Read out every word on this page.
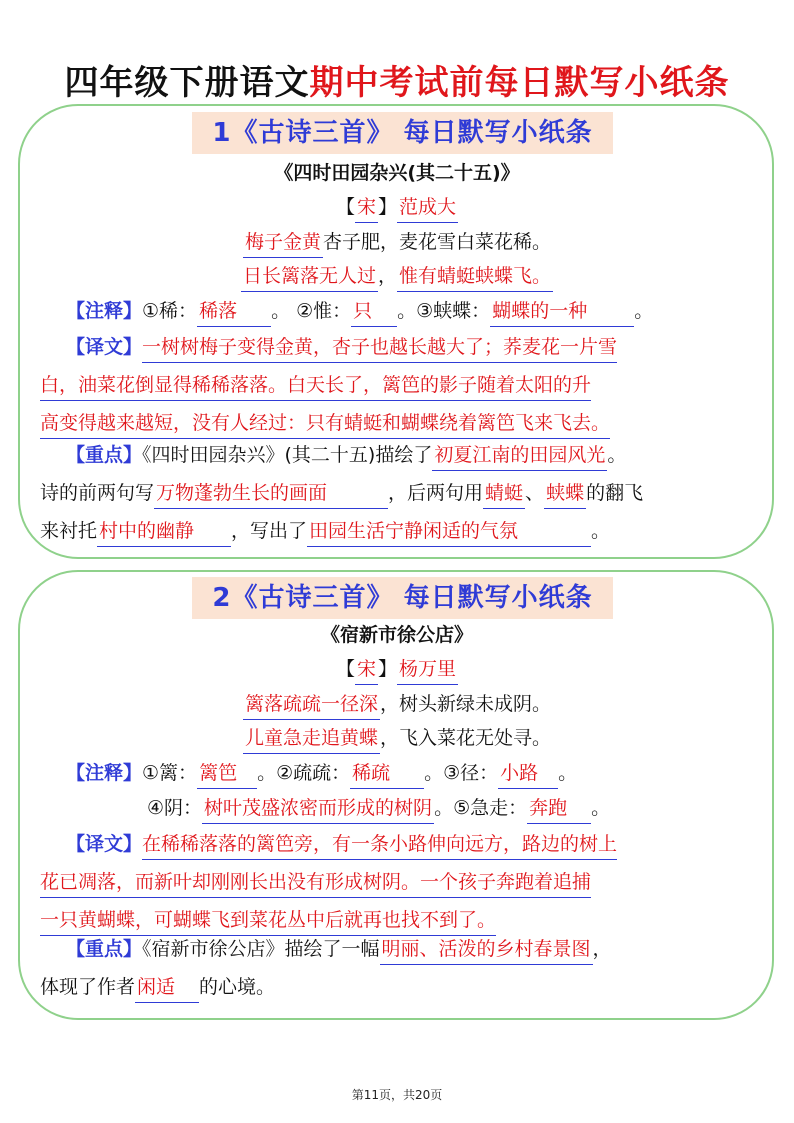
四年级下册语文期中考试前每日默写小纸条
1《古诗三首》 每日默写小纸条
《四时田园杂兴(其二十五)》
【 宋 】 范成大
梅子金黄 杏子肥，麦花雪白菜花稀。
日长篱落无人过 ， 惟有蜻蜓蛱蝶飞。
【注释】①稀： 稀落 。 ②惟： 只 。③蛱蝶： 蝴蝶的一种 。
【译文】一树树梅子变得金黄，杏子也越长越大了；荞麦花一片雪
白，油菜花倒显得稀稀落落。白天长了，篱笆的影子随着太阳的升
高变得越来越短，没有人经过：只有蜻蜓和蝴蝶绕着篱笆飞来飞去。
【重点】《四时田园杂兴》(其二十五)描绘了 初夏江南的田园风光 。
诗的前两句写 万物蓬勃生长的画面	，后两句用 蜻蜓 、 蛱蝶 的翻飞
来衬托 村中的幽静 ，写出了 田园生活宁静闲适的气氛	。
2《古诗三首》 每日默写小纸条
《宿新市徐公店》
【 宋 】 杨万里
篱落疏疏一径深 ，树头新绿未成阴。
儿童急走追黄蝶 ，飞入菜花无处寻。
【注释】①篱： 篱笆 。②疏疏： 稀疏 。③径： 小路 。
④阴： 树叶茂盛浓密而形成的树阴 。⑤急走： 奔跑 。
【译文】在稀稀落落的篱笆旁，有一条小路伸向远方，路边的树上
花已凋落，而新叶却刚刚长出没有形成树阴。一个孩子奔跑着追捕
一只黄蝴蝶，可蝴蝶飞到菜花丛中后就再也找不到了。
【重点】《宿新市徐公店》描绘了一幅 明丽、活泼的乡村春景图 ，
体现了作者 闲适 的心境。
第11页，共20页
